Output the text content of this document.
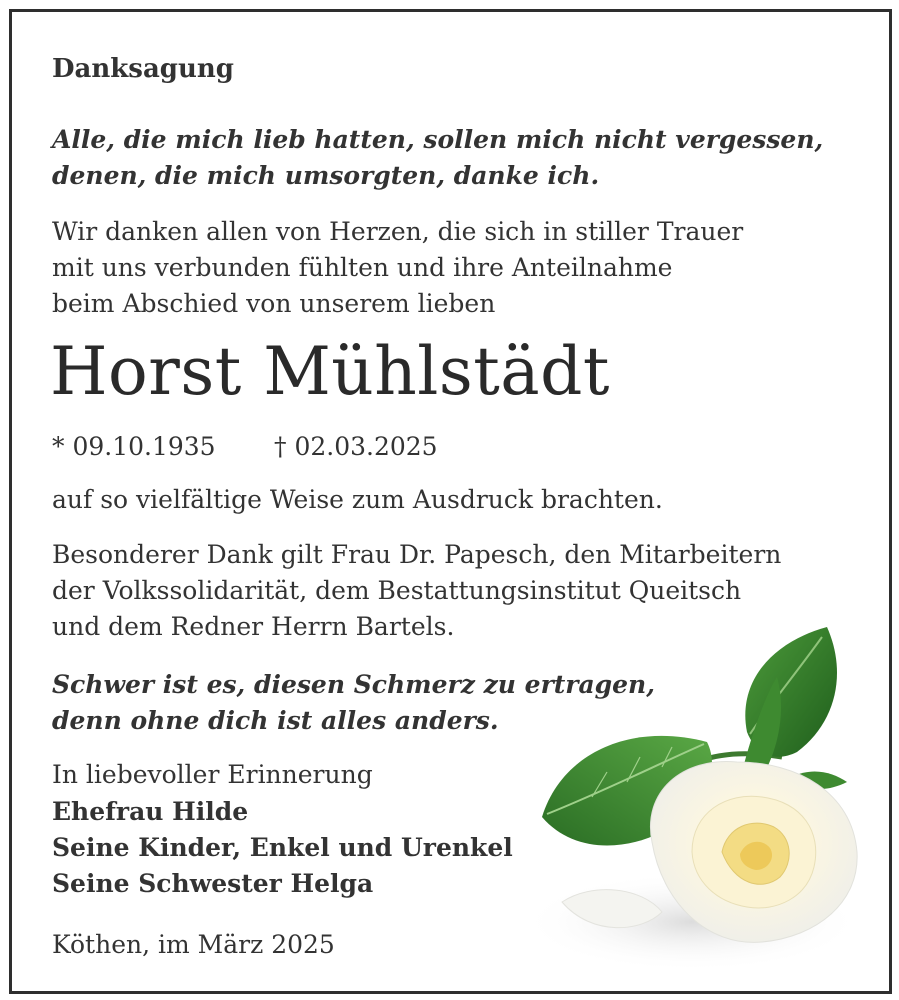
Danksagung
Alle, die mich lieb hatten, sollen mich nicht vergessen,
denen, die mich umsorgten, danke ich.
Wir danken allen von Herzen, die sich in stiller Trauer
mit uns verbunden fühlten und ihre Anteilnahme
beim Abschied von unserem lieben
Horst Mühlstädt
* 09.10.1935 † 02.03.2025
auf so vielfältige Weise zum Ausdruck brachten.
Besonderer Dank gilt Frau Dr. Papesch, den Mitarbeitern
der Volkssolidarität, dem Bestattungsinstitut Queitsch
und dem Redner Herrn Bartels.
Schwer ist es, diesen Schmerz zu ertragen,
denn ohne dich ist alles anders.
In liebevoller Erinnerung
Ehefrau Hilde
Seine Kinder, Enkel und Urenkel
Seine Schwester Helga
Köthen, im März 2025
